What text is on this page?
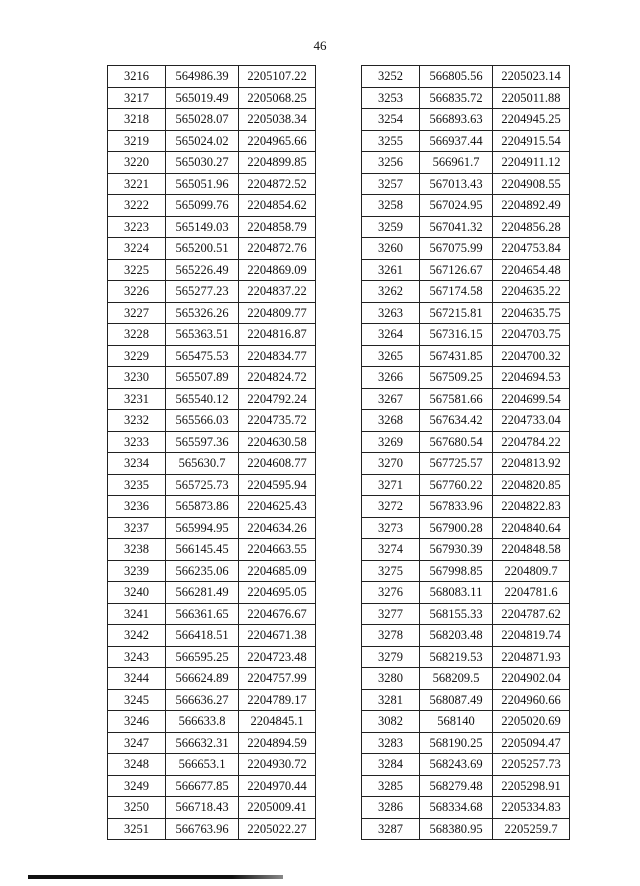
46
3216	564986.39	2205107.22
3217	565019.49	2205068.25
3218	565028.07	2205038.34
3219	565024.02	2204965.66
3220	565030.27	2204899.85
3221	565051.96	2204872.52
3222	565099.76	2204854.62
3223	565149.03	2204858.79
3224	565200.51	2204872.76
3225	565226.49	2204869.09
3226	565277.23	2204837.22
3227	565326.26	2204809.77
3228	565363.51	2204816.87
3229	565475.53	2204834.77
3230	565507.89	2204824.72
3231	565540.12	2204792.24
3232	565566.03	2204735.72
3233	565597.36	2204630.58
3234	565630.7	2204608.77
3235	565725.73	2204595.94
3236	565873.86	2204625.43
3237	565994.95	2204634.26
3238	566145.45	2204663.55
3239	566235.06	2204685.09
3240	566281.49	2204695.05
3241	566361.65	2204676.67
3242	566418.51	2204671.38
3243	566595.25	2204723.48
3244	566624.89	2204757.99
3245	566636.27	2204789.17
3246	566633.8	2204845.1
3247	566632.31	2204894.59
3248	566653.1	2204930.72
3249	566677.85	2204970.44
3250	566718.43	2205009.41
3251	566763.96	2205022.27
3252	566805.56	2205023.14
3253	566835.72	2205011.88
3254	566893.63	2204945.25
3255	566937.44	2204915.54
3256	566961.7	2204911.12
3257	567013.43	2204908.55
3258	567024.95	2204892.49
3259	567041.32	2204856.28
3260	567075.99	2204753.84
3261	567126.67	2204654.48
3262	567174.58	2204635.22
3263	567215.81	2204635.75
3264	567316.15	2204703.75
3265	567431.85	2204700.32
3266	567509.25	2204694.53
3267	567581.66	2204699.54
3268	567634.42	2204733.04
3269	567680.54	2204784.22
3270	567725.57	2204813.92
3271	567760.22	2204820.85
3272	567833.96	2204822.83
3273	567900.28	2204840.64
3274	567930.39	2204848.58
3275	567998.85	2204809.7
3276	568083.11	2204781.6
3277	568155.33	2204787.62
3278	568203.48	2204819.74
3279	568219.53	2204871.93
3280	568209.5	2204902.04
3281	568087.49	2204960.66
3082	568140	2205020.69
3283	568190.25	2205094.47
3284	568243.69	2205257.73
3285	568279.48	2205298.91
3286	568334.68	2205334.83
3287	568380.95	2205259.7
